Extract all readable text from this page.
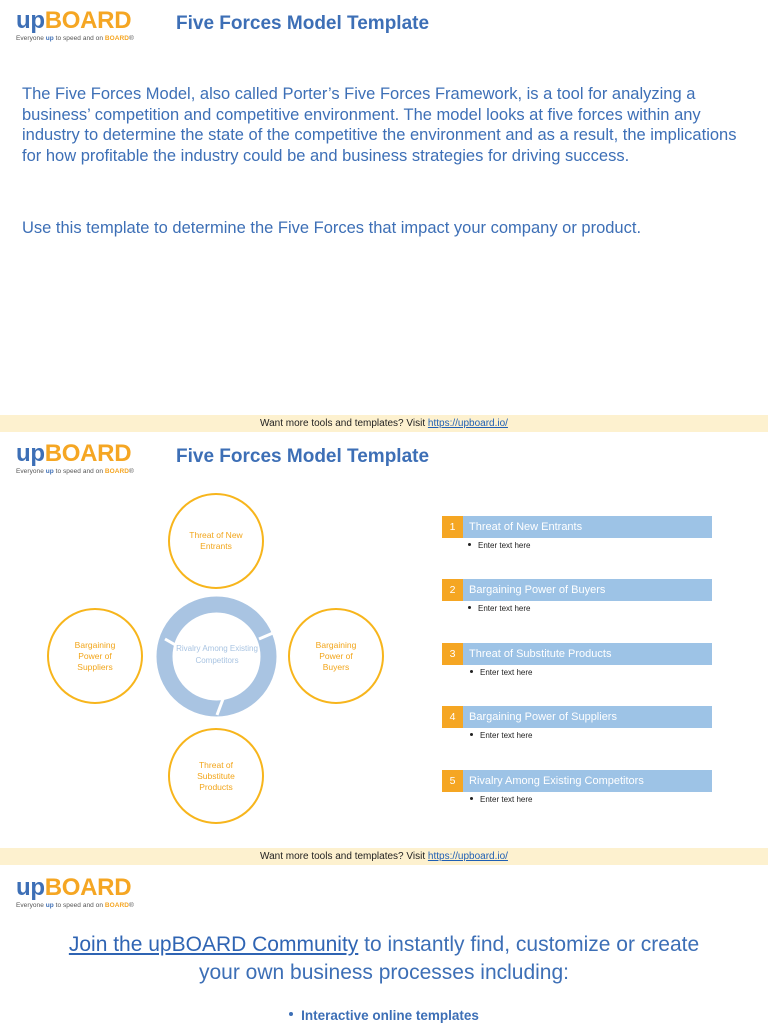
upBOARD
Everyone up to speed and on BOARD®
Five Forces Model Template

The Five Forces Model, also called Porter’s Five Forces Framework, is a tool for analyzing a business’ competition and competitive environment. The model looks at five forces within any industry to determine the state of the competitive the environment and as a result, the implications for how profitable the industry could be and business strategies for driving success.

Use this template to determine the Five Forces that impact your company or product.

Want more tools and templates? Visit https://upboard.io/
upBOARD
Everyone up to speed and on BOARD®
Five Forces Model Template
Threat of New Entrants
Bargaining Power of Suppliers
Bargaining Power of Buyers
Threat of Substitute Products
Rivalry Among Existing Competitors
1	Threat of New Entrants
Enter text here
2	Bargaining Power of Buyers
Enter text here
3	Threat of Substitute Products
Enter text here
4	Bargaining Power of Suppliers
Enter text here
5	Rivalry Among Existing Competitors
Enter text here
Want more tools and templates? Visit https://upboard.io/
upBOARD
Everyone up to speed and on BOARD®
Join the upBOARD Community to instantly find, customize or create your own business processes including:
Interactive online templates
